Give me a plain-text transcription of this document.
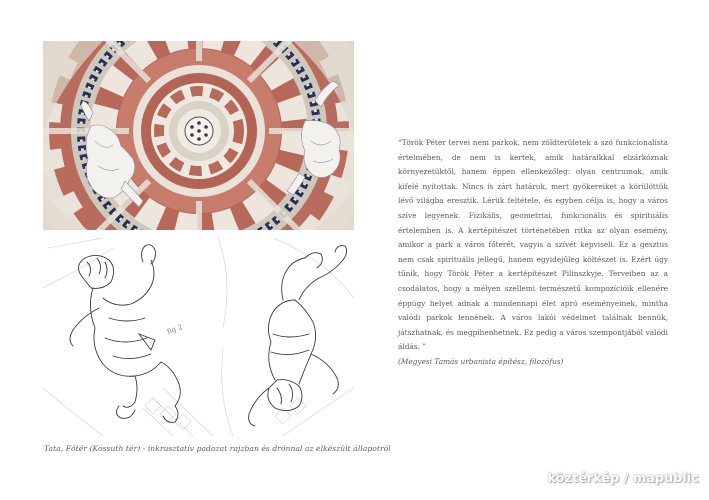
fig 2
Tata, Főtér (Kossuth tér) - inkrusztatív padozat rajzban és drónnal az elkészült állapotról
“Török Péter tervei nem parkok, nem zöldterületek a szó funkcionalista értelmében, de nem is kertek, amik határaikkal elzárkóznak környezetüktől, hanem éppen ellenkezőleg: olyan centrumok, amik kifelé nyitottak. Nincs is zárt határuk, mert gyökereiket a körülöttük lévő világba eresztik. Lérük feltétele, és egyben célja is, hogy a város szíve legyenek. Fizikális, geometriai, funkcionális és spirituális értelemben is. A kertépítészet történetében ritka az olyan esemény, amikor a park a város főterét, vagyis a szívét képviseli. Ez a gesztus nem csak spirituális jellegű, hanem egyidejűleg költészet is. Ezért úgy tűnik, hogy Török Péter a kertépítészet Pilinszkyje. Terveiben az a csodálatos, hogy a mélyen szellemi természetű kompozícióik ellenére éppúgy helyet adnak a mindennapi élet apró eseményeinek, mintha valódi parkok lennének. A város lakói védelmet találnak bennük, játszhatnak, és megpihenhetnek. Ez pedig a város szempontjából valódi áldás. ”
(Megyesi Tamás urbanista építész, filozófus)
köztérkép / mapublic
